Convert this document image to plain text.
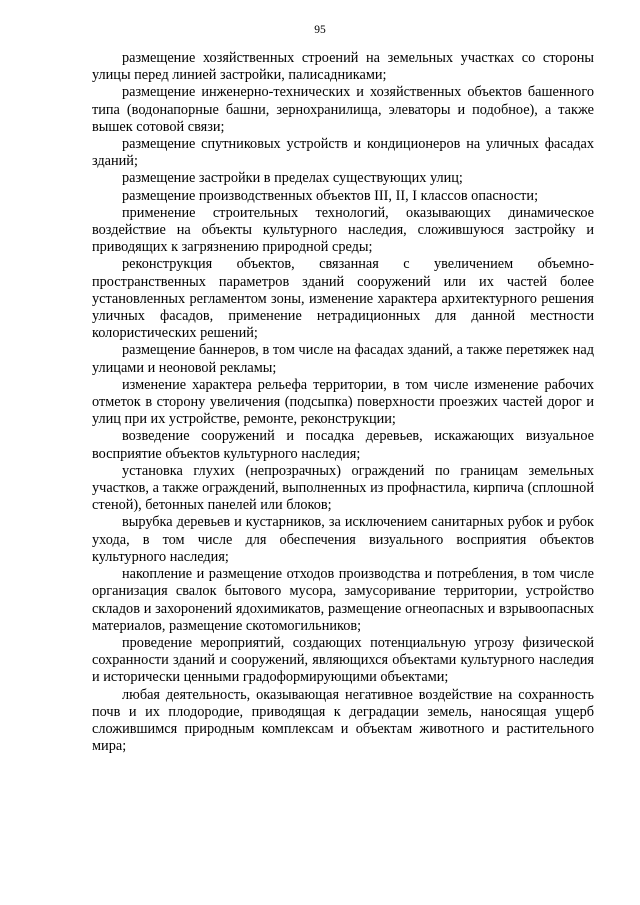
95

размещение хозяйственных строений на земельных участках со стороны улицы перед линией застройки, палисадниками;

размещение инженерно-технических и хозяйственных объектов башенного типа (водонапорные башни, зернохранилища, элеваторы и подобное), а также вышек сотовой связи;

размещение спутниковых устройств и кондиционеров на уличных фасадах зданий;

размещение застройки в пределах существующих улиц;

размещение производственных объектов III, II, I классов опасности;

применение строительных технологий, оказывающих динамическое воздействие на объекты культурного наследия, сложившуюся застройку и приводящих к загрязнению природной среды;

реконструкция объектов, связанная с увеличением объемно-пространственных параметров зданий сооружений или их частей более установленных регламентом зоны, изменение характера архитектурного решения уличных фасадов, применение нетрадиционных для данной местности колористических решений;

размещение баннеров, в том числе на фасадах зданий, а также перетяжек над улицами и неоновой рекламы;

изменение характера рельефа территории, в том числе изменение рабочих отметок в сторону увеличения (подсыпка) поверхности проезжих частей дорог и улиц при их устройстве, ремонте, реконструкции;

возведение сооружений и посадка деревьев, искажающих визуальное восприятие объектов культурного наследия;

установка глухих (непрозрачных) ограждений по границам земельных участков, а также ограждений, выполненных из профнастила, кирпича (сплошной стеной), бетонных панелей или блоков;

вырубка деревьев и кустарников, за исключением санитарных рубок и рубок ухода, в том числе для обеспечения визуального восприятия объектов культурного наследия;

накопление и размещение отходов производства и потребления, в том числе организация свалок бытового мусора, замусоривание территории, устройство складов и захоронений ядохимикатов, размещение огнеопасных и взрывоопасных материалов, размещение скотомогильников;

проведение мероприятий, создающих потенциальную угрозу физической сохранности зданий и сооружений, являющихся объектами культурного наследия и исторически ценными градоформирующими объектами;

любая деятельность, оказывающая негативное воздействие на сохранность почв и их плодородие, приводящая к деградации земель, наносящая ущерб сложившимся природным комплексам и объектам животного и растительного мира;
